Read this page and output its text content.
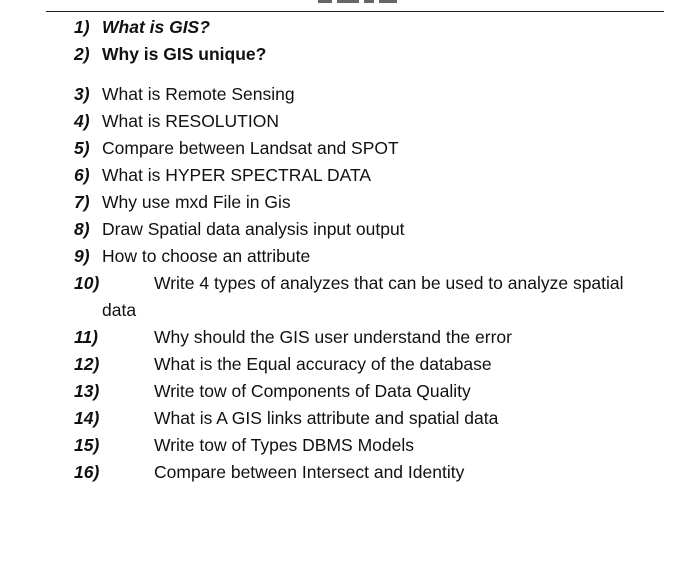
1) What is GIS?
2) Why is GIS unique?
3) What is Remote Sensing
4) What is RESOLUTION
5) Compare between Landsat and SPOT
6) What is HYPER SPECTRAL DATA
7) Why use mxd File in Gis
8) Draw Spatial data analysis input output
9) How to choose an attribute
10)	Write 4 types of analyzes that can be used to analyze spatial
data
11)	Why should the GIS user understand the error
12)	What is the Equal accuracy of the database
13)	Write tow of Components of Data Quality
14)	What is A GIS links attribute and spatial data
15)	Write tow of Types DBMS Models
16)	Compare between Intersect and Identity
